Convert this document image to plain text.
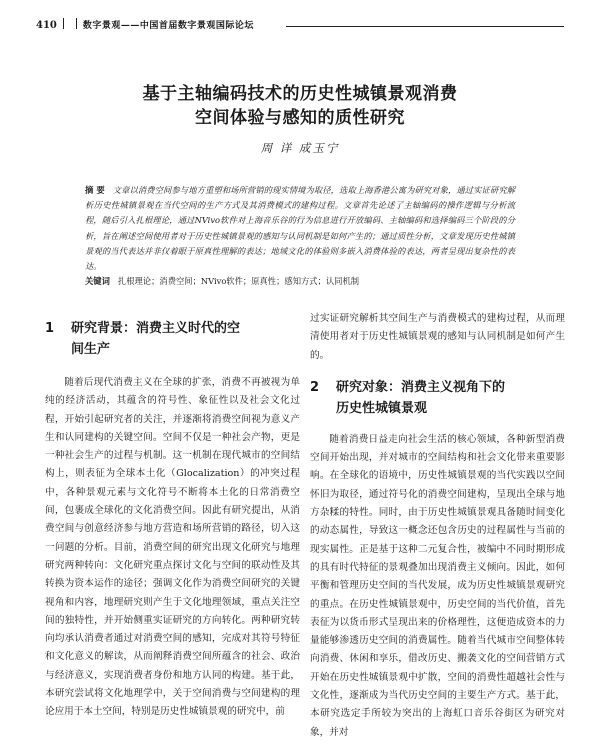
410	数字景观——中国首届数字景观国际论坛
基于主轴编码技术的历史性城镇景观消费
空间体验与感知的质性研究
周 详 成玉宁
摘 要 文章以消费空间参与地方重塑和场所营销的现实情境为取径，选取上海香港公寓为研究对象，通过实证研究解析历史性城镇景观在当代空间的生产方式及其消费模式的建构过程。文章首先论述了主轴编码的操作逻辑与分析流程，随后引入扎根理论，通过NVivo软件对上海音乐谷的行为信息进行开放编码、主轴编码和选择编码三个阶段的分析，旨在阐述空间使用者对于历史性城镇景观的感知与认同机制是如何产生的；通过质性分析，文章发现历史性城镇景观的当代表达并非仅着眼于原真性理解的表达；地域文化的体验则多嵌入消费体验的表达，两者呈现出复杂性的表达。
关键词 扎根理论；消费空间；NVivo软件；原真性；感知方式；认同机制
1	研究背景：消费主义时代的空
间生产

随着后现代消费主义在全球的扩张，消费不再被视为单纯的经济活动，其蕴含的符号性、象征性以及社会文化过程，开始引起研究者的关注，并逐渐将消费空间视为意义产生和认同建构的关键空间。空间不仅是一种社会产物，更是一种社会生产的过程与机制。这一机制在现代城市的空间结构上，则表征为全球本土化（Glocalization）的冲突过程中，各种景观元素与文化符号不断将本土化的日常消费空间，包裹成全球化的文化消费空间。因此有研究提出，从消费空间与创意经济参与地方营造和场所营销的路径，切入这一问题的分析。目前，消费空间的研究出现文化研究与地理研究两种转向：文化研究重点探讨文化与空间的联动性及其转换为资本运作的途径；强调文化作为消费空间研究的关键视角和内容，地理研究则产生于文化地理领域，重点关注空间的独特性，并开始侧重实证研究的方向转化。两种研究转向均承认消费者通过对消费空间的感知，完成对其符号特征和文化意义的解读，从而阐释消费空间所蕴含的社会、政治与经济意义，实现消费者身份和地方认同的构建。基于此，本研究尝试将文化地理学中，关于空间消费与空间建构的理论应用于本土空间，特别是历史性城镇景观的研究中，前

过实证研究解析其空间生产与消费模式的建构过程，从而理清使用者对于历史性城镇景观的感知与认同机制是如何产生的。

2	研究对象：消费主义视角下的
历史性城镇景观

随着消费日益走向社会生活的核心领域，各种新型消费空间开始出现，并对城市的空间结构和社会文化带来重要影响。在全球化的语境中，历史性城镇景观的当代实践以空间怀旧为取径，通过符号化的消费空间建构，呈现出全球与地方杂糅的特性。同时，由于历史性城镇景观具备随时间变化的动态属性，导致这一概念还包含历史的过程属性与当前的现实属性。正是基于这种二元复合性，被编中不同时期形成的具有时代特征的景观叠加出现消费主义倾向。因此，如何平衡和管理历史空间的当代发展，成为历史性城镇景观研究的重点。在历史性城镇景观中，历史空间的当代价值，首先表征为以货币形式呈现出来的价格理性，这便造成资本的力量能够渗透历史空间的消费属性。随着当代城市空间整体转向消费、休闲和享乐，借改历史、搬袭文化的空间营销方式开始在历史性城镇景观中扩散，空间的消费性超越社会性与文化性，逐渐成为当代历史空间的主要生产方式。基于此，本研究选定手所较为突出的上海虹口音乐谷街区为研究对象，并对
